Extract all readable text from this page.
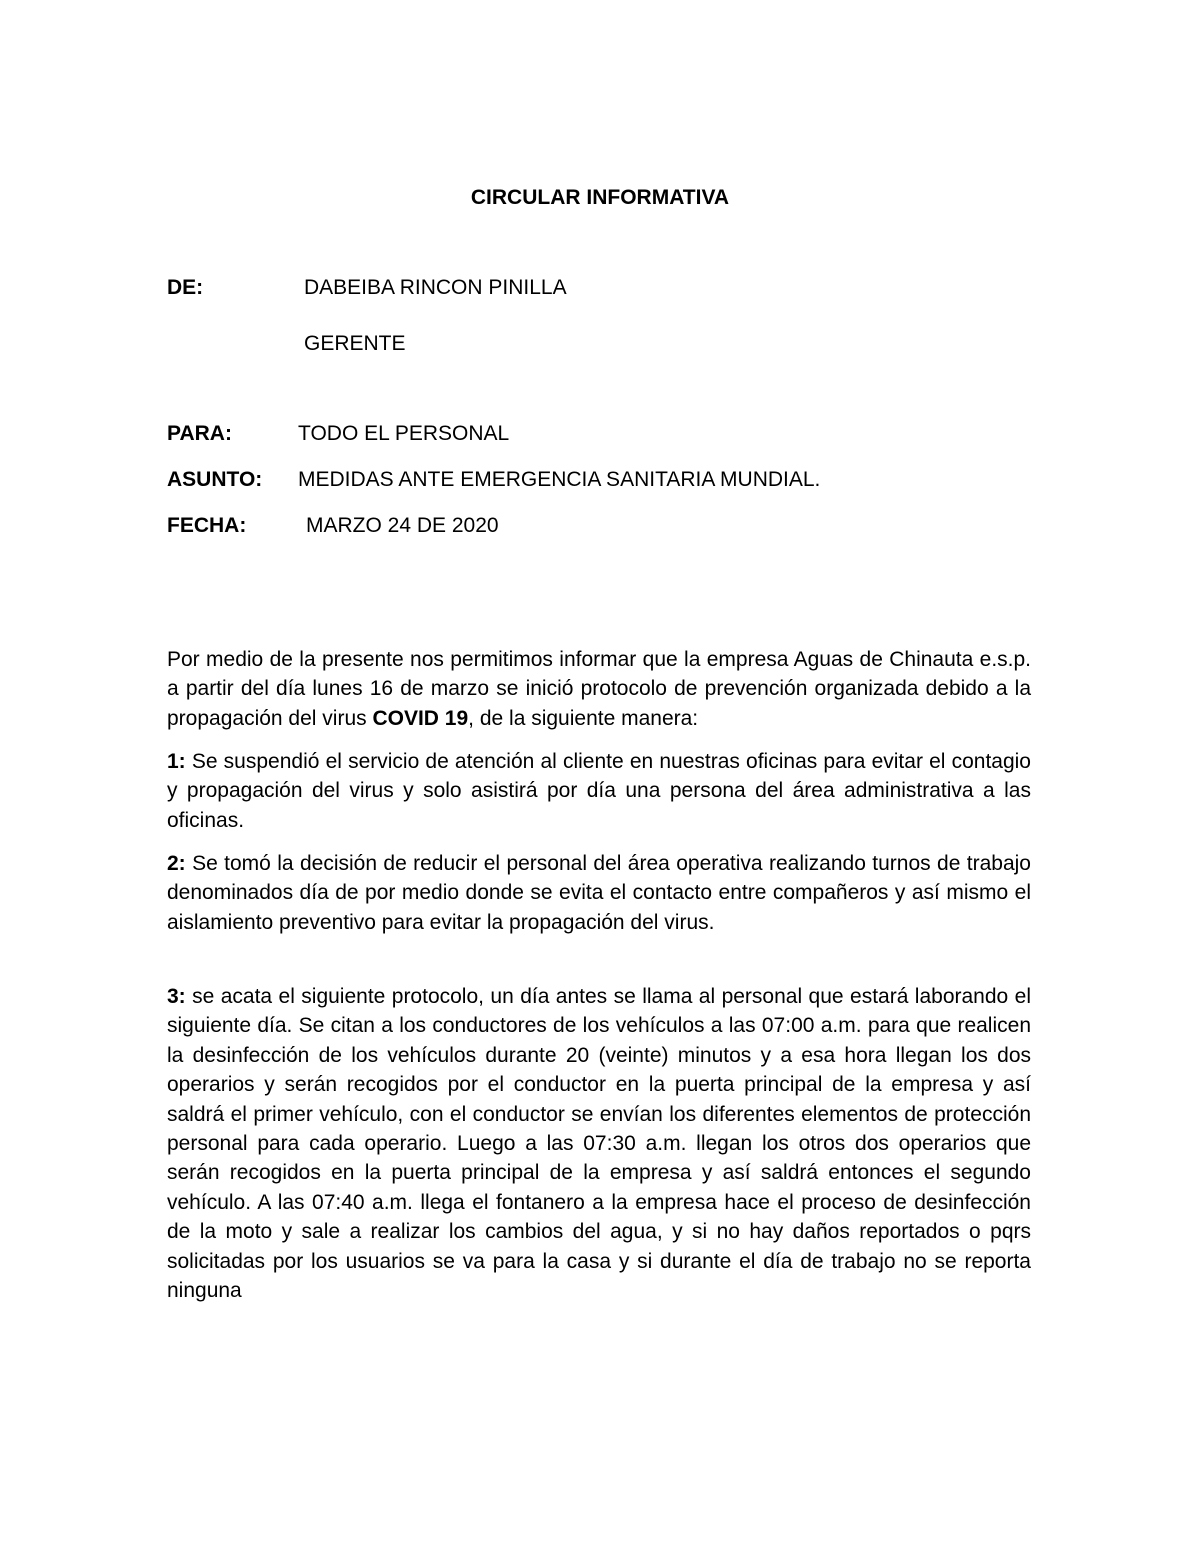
CIRCULAR INFORMATIVA
DE:	DABEIBA RINCON PINILLA
GERENTE
PARA:	TODO EL PERSONAL
ASUNTO: MEDIDAS ANTE EMERGENCIA SANITARIA MUNDIAL.
FECHA:	MARZO 24 DE 2020

Por medio de la presente nos permitimos informar que la empresa Aguas de Chinauta e.s.p. a partir del día lunes 16 de marzo se inició protocolo de prevención organizada debido a la propagación del virus COVID 19, de la siguiente manera:

1: Se suspendió el servicio de atención al cliente en nuestras oficinas para evitar el contagio y propagación del virus y solo asistirá por día una persona del área administrativa a las oficinas.

2: Se tomó la decisión de reducir el personal del área operativa realizando turnos de trabajo denominados día de por medio donde se evita el contacto entre compañeros y así mismo el aislamiento preventivo para evitar la propagación del virus.

3: se acata el siguiente protocolo, un día antes se llama al personal que estará laborando el siguiente día. Se citan a los conductores de los vehículos a las 07:00 a.m. para que realicen la desinfección de los vehículos durante 20 (veinte) minutos y a esa hora llegan los dos operarios y serán recogidos por el conductor en la puerta principal de la empresa y así saldrá el primer vehículo, con el conductor se envían los diferentes elementos de protección personal para cada operario. Luego a las 07:30 a.m. llegan los otros dos operarios que serán recogidos en la puerta principal de la empresa y así saldrá entonces el segundo vehículo. A las 07:40 a.m. llega el fontanero a la empresa hace el proceso de desinfección de la moto y sale a realizar los cambios del agua, y si no hay daños reportados o pqrs solicitadas por los usuarios se va para la casa y si durante el día de trabajo no se reporta ninguna
